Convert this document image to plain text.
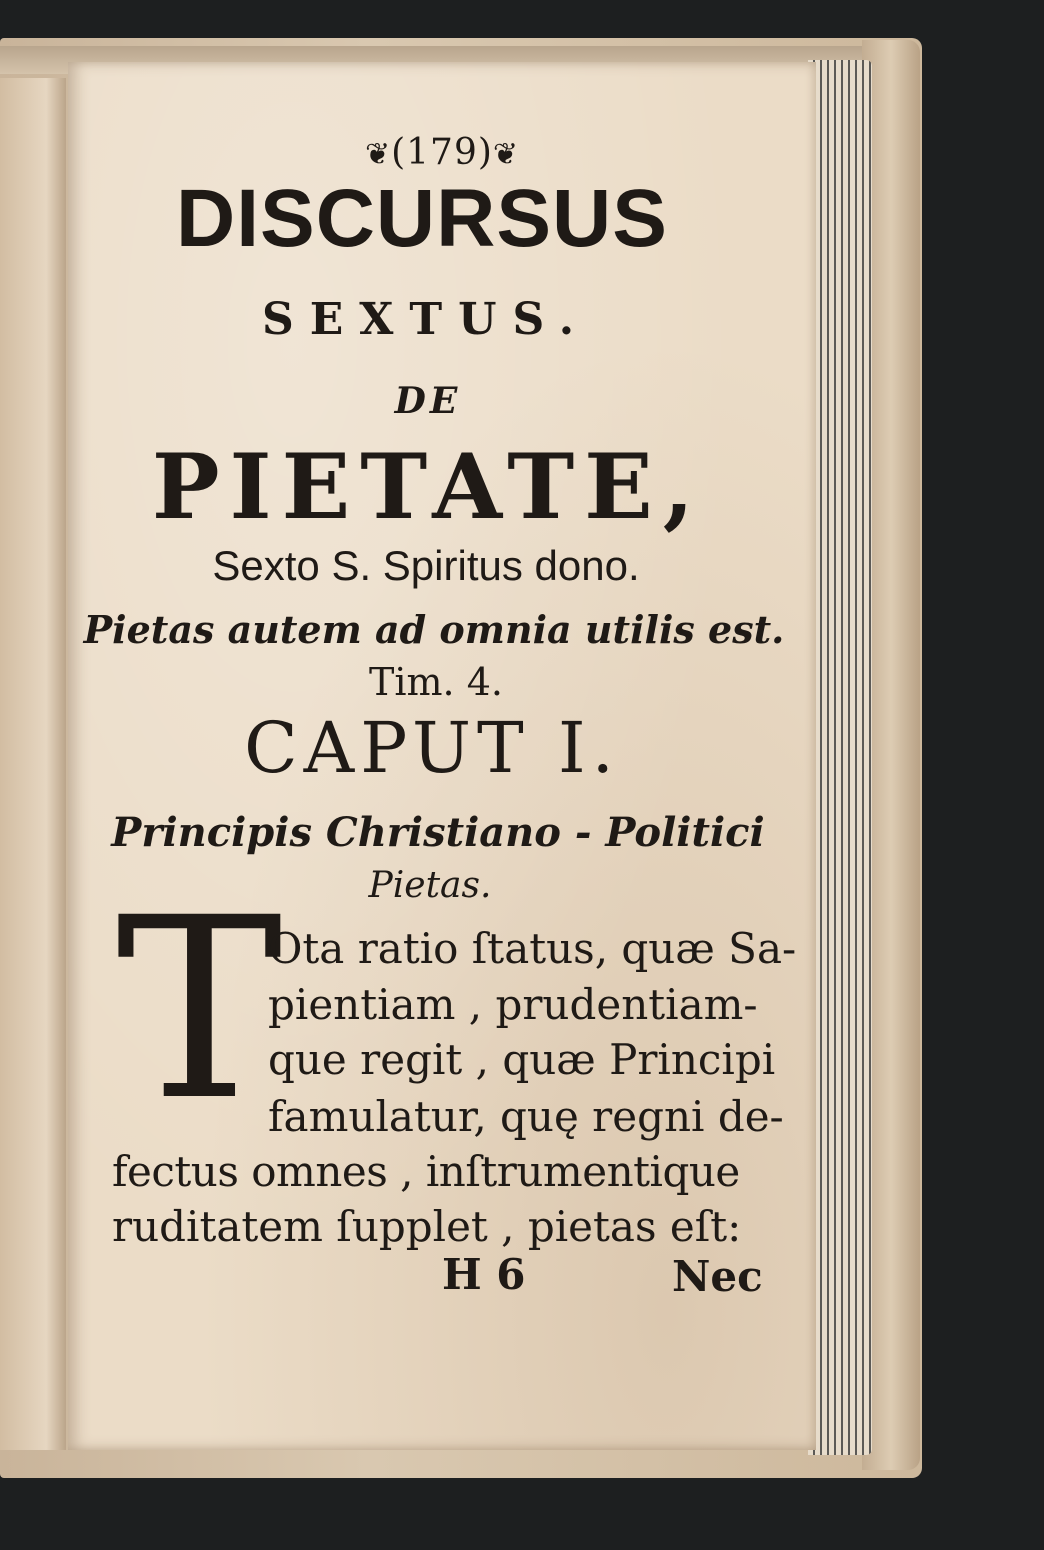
❦(179)❦
DISCURSUS
SEXTUS.
DE
PIETATE,
Sexto S. Spiritus dono.
Pietas autem ad omnia utilis est.
Tim. 4.
CAPUT I.
Principis Christiano - Politici
Pietas.
T
Ota ratio ſtatus, quæ Sa-
pientiam , prudentiam-
que regit , quæ Principi
famulatur, quę regni de-
fectus omnes , inſtrumentique
ruditatem ſupplet , pietas eſt:
H 6	Nec
